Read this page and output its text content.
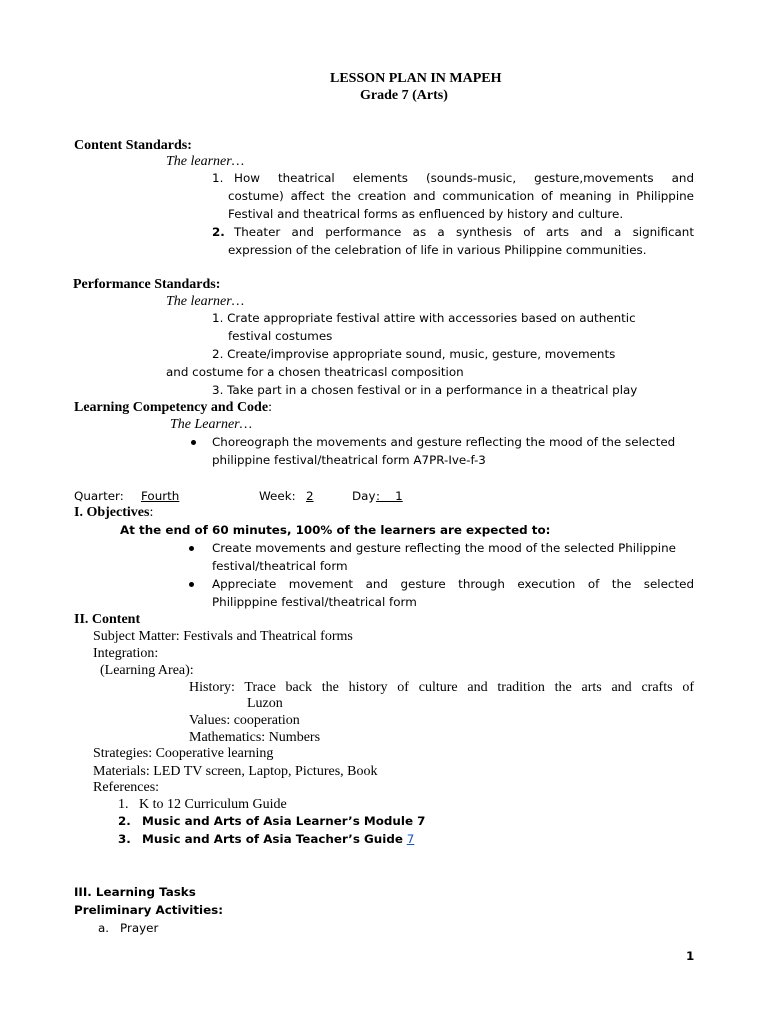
LESSON PLAN IN MAPEH
Grade 7 (Arts)
Content Standards:
The learner…
1. How theatrical elements (sounds-music, gesture,movements and
costume) affect the creation and communication of meaning in Philippine
Festival and theatrical forms as enfluenced by history and culture.
2. Theater and performance as a synthesis of arts and a significant
expression of the celebration of life in various Philippine communities.
Performance Standards:
The learner…
1. Crate appropriate festival attire with accessories based on authentic
festival costumes
2. Create/improvise appropriate sound, music, gesture, movements
and costume for a chosen theatricasl composition
3. Take part in a chosen festival or in a performance in a theatrical play
Learning Competency and Code:
The Learner…
Choreograph the movements and gesture reflecting the mood of the selected
philippine festival/theatrical form A7PR-Ive-f-3
Quarter: Fourth	Week: 2	Day :    1
I. Objectives:
At the end of 60 minutes, 100% of the learners are expected to:
Create movements and gesture reflecting the mood of the selected Philippine
festival/theatrical form
Appreciate movement and gesture through execution of the selected
Philipppine festival/theatrical form
II. Content
Subject Matter: Festivals and Theatrical forms
Integration:
(Learning Area):
History: Trace back the history of culture and tradition the arts and crafts of
Luzon
Values: cooperation
Mathematics: Numbers
Strategies: Cooperative learning
Materials: LED TV screen, Laptop, Pictures, Book
References:
1.   K to 12 Curriculum Guide
2. Music and Arts of Asia Learner’s Module 7
3. Music and Arts of Asia Teacher’s Guide 7
III. Learning Tasks
Preliminary Activities:
a. Prayer
1
